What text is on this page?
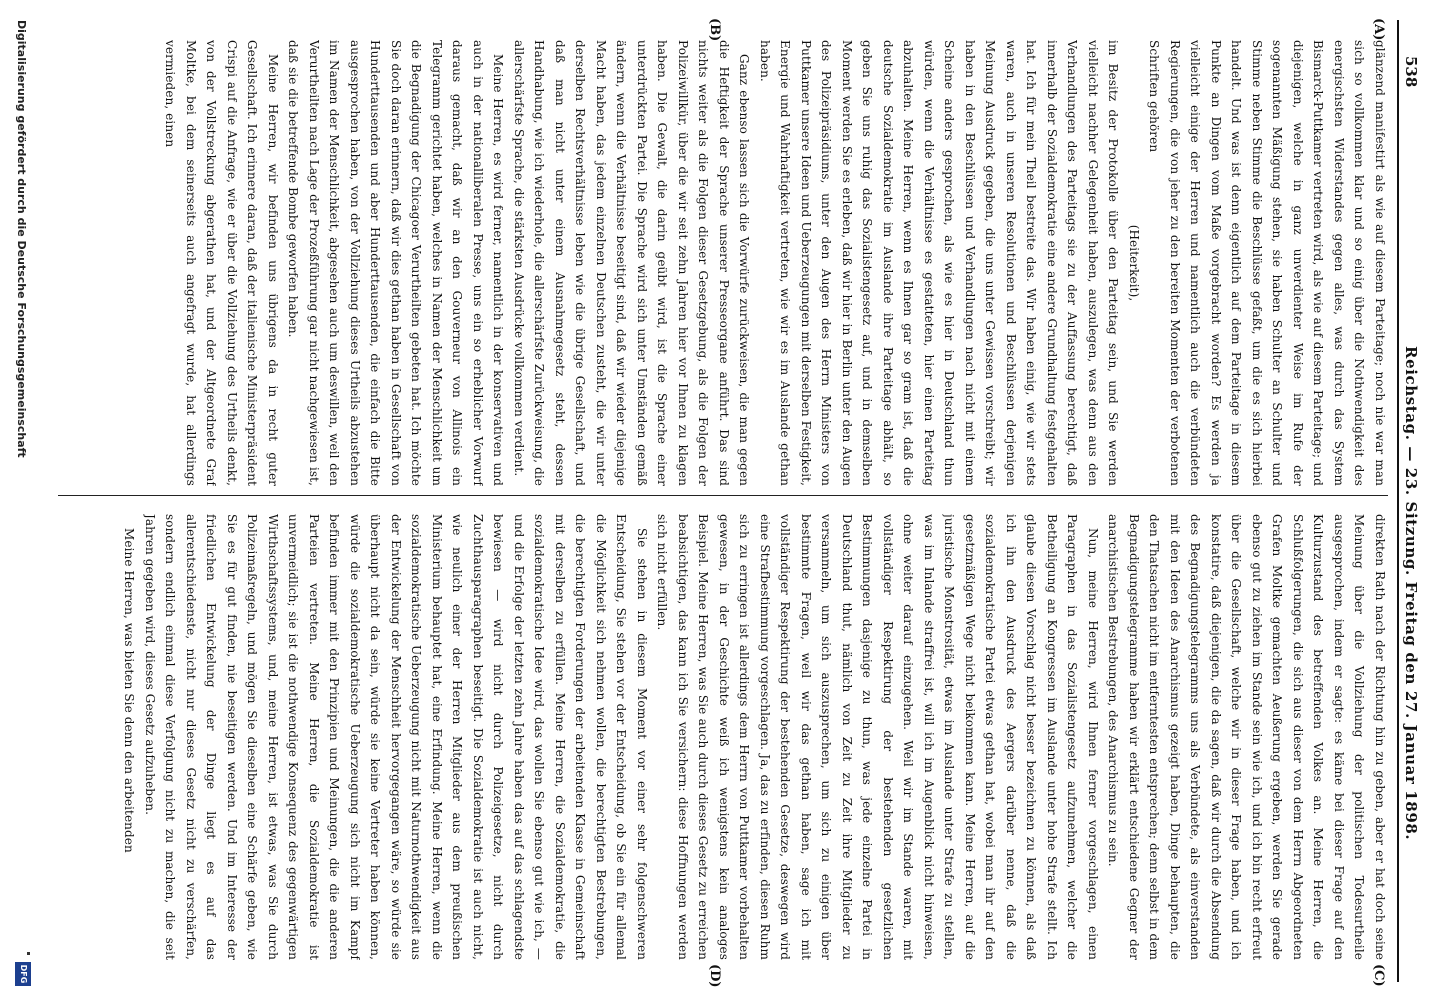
538
Reichstag. — 23. Sitzung. Freitag den 27. Januar 1898.
(A)
(B)
(C)
(D)

glänzend manifestirt als wie auf diesem Parteitage; noch nie war man sich so vollkommen klar und so einig über die Nothwendigkeit des energischsten Widerstandes gegen alles, was durch das System Bismarck-Puttkamer vertreten wird, als wie auf diesem Parteitage; und diejenigen, welche in ganz unverdienter Weise im Rufe der sogenannten Mäßigung stehen, sie haben Schulter an Schulter und Stimme neben Stimme die Beschlüsse gefaßt, um die es sich hierbei handelt. Und was ist denn eigentlich auf dem Parteitage in diesem Punkte an Dingen vom Maße vorgebracht worden? Es werden ja vielleicht einige der Herren und namentlich auch die verbündeten Regierungen, die von jeher zu den bereiten Momenten der verbotenen Schriften gehören

(Heiterkeit),

im Besitz der Protokolle über den Parteitag sein, und Sie werden vielleicht nachher Gelegenheit haben, auszulegen, was denn aus den Verhandlungen des Parteitags sie zu der Auffassung berechtigt, daß innerhalb der Sozialdemokratie eine andere Grundhaltung festgehalten hat. Ich für mein Theil bestreite das. Wir haben einig, wie wir stets waren, auch in unseren Resolutionen und Beschlüssen derjenigen Meinung Ausdruck gegeben, die uns unter Gewissen vorschreibt; wir haben in den Beschlüssen und Verhandlungen nach nicht mit einem Scheine anders gesprochen, als wie es hier in Deutschland thun würden, wenn die Verhältnisse es gestatteten, hier einen Parteitag abzuhalten. Meine Herren, wenn es Ihnen gar so gram ist, daß die deutsche Sozialdemokratie im Auslande ihre Parteitage abhält, so geben Sie uns ruhig das Sozialistengesetz auf, und in demselben Moment werden Sie es erleben, daß wir hier in Berlin unter den Augen des Polizeipräsidiums, unter den Augen des Herrn Ministers von Puttkamer unsere Ideen und Ueberzeugungen mit derselben Festigkeit, Energie und Wahrhaftigkeit vertreten, wie wir es im Auslande gethan haben.

Ganz ebenso lassen sich die Vorwürfe zurückweisen, die man gegen die Heftigkeit der Sprache unserer Presseorgane anführt. Das sind nichts weiter als die Folgen dieser Gesetzgebung, als die Folgen der Polizeiwillkür, über die wir seit zehn Jahren hier vor Ihnen zu klagen haben. Die Gewalt, die darin geübt wird, ist die Sprache einer unterdrückten Partei. Die Sprache wird sich unter Umständen gemäß ändern, wenn die Verhältnisse beseitigt sind, daß wir wieder diejenige Macht haben, das jedem einzelnen Deutschen zusteht, die wir unter derselben Rechtsverhältnisse leben wie die übrige Gesellschaft, und daß man nicht unter einem Ausnahmegesetz steht, dessen Handhabung, wie ich wiederhole, die allerschärfste Zurückweisung, die allerschärfste Sprache, die stärksten Ausdrücke vollkommen verdient.

Meine Herren, es wird ferner, namentlich in der konservativen und auch in der nationalliberalen Presse, uns ein so erheblicher Vorwurf daraus gemacht, daß wir an den Gouverneur von Allinois ein Telegramm gerichtet haben, welches in Namen der Menschlichkeit um die Begnadigung der Chicagoer Verurtheilten gebeten hat. Ich möchte Sie doch daran erinnern, daß wir dies gethan haben in Gesellschaft von Hunderttausenden und aber Hunderttausenden, die einfach die Bitte ausgesprochen haben, von der Vollziehung dieses Urtheils abzustehen im Namen der Menschlichkeit, abgesehen auch um deswillen, weil den Verurtheilten nach Lage der Prozeßführung gar nicht nachgewiesen ist, daß sie die betreffende Bombe geworfen haben.

Meine Herren, wir befinden uns übrigens da in recht guter Gesellschaft. Ich erinnere daran, daß der italienische Ministerpräsident Crispi auf die Anfrage, wie er über die Vollziehung des Urtheils denkt, von der Vollstreckung abgerathen hat, und der Altgeordnete Graf Moltke, bei dem seinerseits auch angefragt wurde, hat allerdings vermieden, einen

direkten Rath nach der Richtung hin zu geben, aber er hat doch seine Meinung über die Vollziehung der politischen Todesurtheile ausgesprochen, indem er sagte: es käme bei dieser Frage auf den Kulturzustand des betreffenden Volkes an. Meine Herren, die Schlußfolgerungen, die sich aus dieser von dem Herrn Abgeordneten Grafen Moltke gemachten Aeußerung ergeben, werden Sie gerade ebenso gut zu ziehen im Stande sein wie ich, und ich bin recht erfreut über die Gesellschaft, welche wir in dieser Frage haben, und ich konstatire, daß diejenigen, die da sagen, daß wir durch die Absendung des Begnadigungstelegramms uns als Verbündete, als einverstanden mit den Ideen des Anarchismus gezeigt haben, Dinge behaupten, die den Thatsachen nicht im entferntesten entsprechen; denn selbst in dem Begnadigungstelegramme haben wir erklärt entschiedene Gegner der anarchistischen Bestrebungen, des Anarchismus zu sein.

Nun, meine Herren, wird Ihnen ferner vorgeschlagen, einen Paragraphen in das Sozialistengesetz aufzunehmen, welcher die Betheiligung an Kongressen im Auslande unter hohe Strafe stellt. Ich glaube diesen Vorschlag nicht besser bezeichnen zu können, als daß ich ihn den Ausdruck des Aergers darüber nenne, daß die sozialdemokratische Partei etwas gethan hat, wobei man ihr auf den gesetzmäßigen Wege nicht beikommen kann. Meine Herren, auf die juristische Monstrosität, etwas im Auslande unter Strafe zu stellen, was im Inlande straffrei ist, will ich im Augenblick nicht hinweisen, ohne weiter darauf einzugehen. Weil wir im Stande waren, mit vollständiger Respektirung der bestehenden gesetzlichen Bestimmungen dasjenige zu thun, was jede einzelne Partei in Deutschland thut, nämlich von Zeit zu Zeit ihre Mitglieder zu versammeln, um sich auszusprechen, um sich zu einigen über bestimmte Fragen, weil wir das gethan haben, sage ich mit vollständiger Respektirung der bestehenden Gesetze, deswegen wird eine Strafbestimmung vorgeschlagen. Ja, das zu erfinden, diesen Ruhm sich zu erringen ist allerdings dem Herrn von Puttkamer vorbehalten gewesen, in der Geschichte weiß ich wenigstens kein analoges Beispiel. Meine Herren, was Sie auch durch dieses Gesetz zu erreichen beabsichtigen, das kann ich Sie versichern: diese Hoffnungen werden sich nicht erfüllen.

Sie stehen in diesem Moment vor einer sehr folgenschweren Entscheidung, Sie stehen vor der Entscheidung, ob Sie ein für allemal die Möglichkeit sich nehmen wollen, die berechtigten Bestrebungen, die berechtigten Forderungen der arbeitenden Klasse in Gemeinschaft mit derselben zu erfüllen. Meine Herren, die Sozialdemokratie, die sozialdemokratische Idee wird, das wollen Sie ebenso gut wie ich, — und die Erfolge der letzten zehn Jahre haben das auf das schlagendste bewiesen — wird nicht durch Polizeigesetze, nicht durch Zuchthausparagraphen beseitigt. Die Sozialdemokratie ist auch nicht, wie neulich einer der Herren Mitglieder aus dem preußischen Ministerium behauptet hat, eine Erfindung. Meine Herren, wenn die sozialdemokratische Ueberzeugung nicht mit Naturnothwendigkeit aus der Entwickelung der Menschheit hervorgegangen wäre, so würde sie überhaupt nicht da sein, würde sie keine Vertreter haben können, würde die sozialdemokratische Ueberzeugung sich nicht im Kampf befinden immer mit den Prinzipien und Meinungen, die die anderen Parteien vertreten. Meine Herren, die Sozialdemokratie ist unvermeidlich; sie ist die nothwendige Konsequenz des gegenwärtigen Wirthschaftssystems, und, meine Herren, ist etwas, was Sie durch Polizeimaßregeln, und mögen Sie dieselben eine Schärfe geben, wie Sie es für gut finden, nie beseitigen werden. Und im Interesse der friedlichen Entwickelung der Dinge liegt es auf das allerentschiedenste, nicht nur dieses Gesetz nicht zu verschärfen, sondern endlich einmal diese Verfolgung nicht zu machen, die seit Jahren gegeben wird, dieses Gesetz aufzuheben.

Meine Herren, was bieten Sie denn den arbeitenden

Digitalisierung gefördert durch die Deutsche Forschungsgemeinschaft
DFG
